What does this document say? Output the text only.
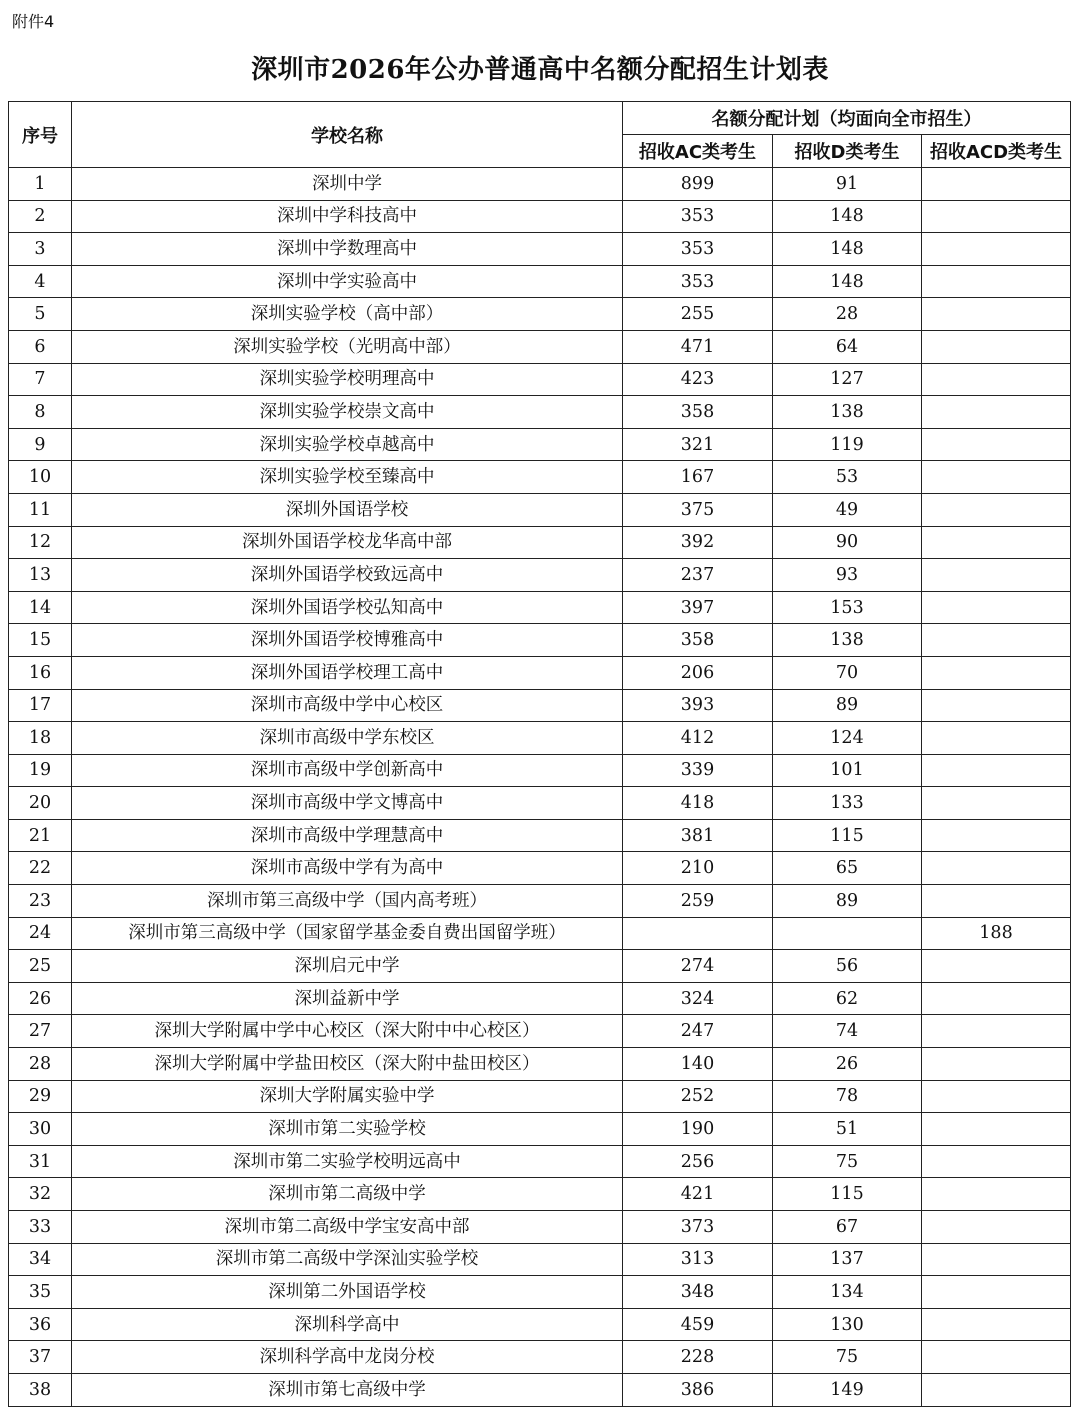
附件4
深圳市2026年公办普通高中名额分配招生计划表
序号	学校名称	名额分配计划（均面向全市招生）		
		招收AC类考生	招收D类考生	招收ACD类考生
1	深圳中学	899	91	
2	深圳中学科技高中	353	148	
3	深圳中学数理高中	353	148	
4	深圳中学实验高中	353	148	
5	深圳实验学校（高中部）	255	28	
6	深圳实验学校（光明高中部）	471	64	
7	深圳实验学校明理高中	423	127	
8	深圳实验学校崇文高中	358	138	
9	深圳实验学校卓越高中	321	119	
10	深圳实验学校至臻高中	167	53	
11	深圳外国语学校	375	49	
12	深圳外国语学校龙华高中部	392	90	
13	深圳外国语学校致远高中	237	93	
14	深圳外国语学校弘知高中	397	153	
15	深圳外国语学校博雅高中	358	138	
16	深圳外国语学校理工高中	206	70	
17	深圳市高级中学中心校区	393	89	
18	深圳市高级中学东校区	412	124	
19	深圳市高级中学创新高中	339	101	
20	深圳市高级中学文博高中	418	133	
21	深圳市高级中学理慧高中	381	115	
22	深圳市高级中学有为高中	210	65	
23	深圳市第三高级中学（国内高考班）	259	89	
24	深圳市第三高级中学（国家留学基金委自费出国留学班）			188
25	深圳启元中学	274	56	
26	深圳益新中学	324	62	
27	深圳大学附属中学中心校区（深大附中中心校区）	247	74	
28	深圳大学附属中学盐田校区（深大附中盐田校区）	140	26	
29	深圳大学附属实验中学	252	78	
30	深圳市第二实验学校	190	51	
31	深圳市第二实验学校明远高中	256	75	
32	深圳市第二高级中学	421	115	
33	深圳市第二高级中学宝安高中部	373	67	
34	深圳市第二高级中学深汕实验学校	313	137	
35	深圳第二外国语学校	348	134	
36	深圳科学高中	459	130	
37	深圳科学高中龙岗分校	228	75	
38	深圳市第七高级中学	386	149	
